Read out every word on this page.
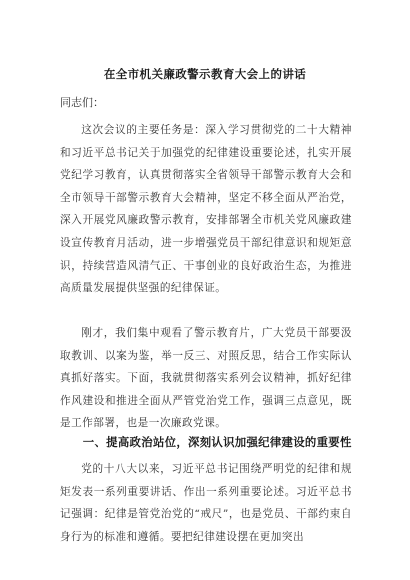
在全市机关廉政警示教育大会上的讲话
同志们：

这次会议的主要任务是：深入学习贯彻党的二十大精神和习近平总书记关于加强党的纪律建设重要论述，扎实开展党纪学习教育，认真贯彻落实全省领导干部警示教育大会和全市领导干部警示教育大会精神，坚定不移全面从严治党，深入开展党风廉政警示教育，安排部署全市机关党风廉政建设宣传教育月活动，进一步增强党员干部纪律意识和规矩意识，持续营造风清气正、干事创业的良好政治生态，为推进高质量发展提供坚强的纪律保证。

刚才，我们集中观看了警示教育片，广大党员干部要汲取教训、以案为鉴，举一反三、对照反思，结合工作实际认真抓好落实。下面，我就贯彻落实系列会议精神，抓好纪律作风建设和推进全面从严管党治党工作，强调三点意见，既是工作部署，也是一次廉政党课。

一、提高政治站位，深刻认识加强纪律建设的重要性

党的十八大以来，习近平总书记围绕严明党的纪律和规矩发表一系列重要讲话、作出一系列重要论述。习近平总书记强调：纪律是管党治党的“戒尺”，也是党员、干部约束自身行为的标准和遵循。要把纪律建设摆在更加突出
